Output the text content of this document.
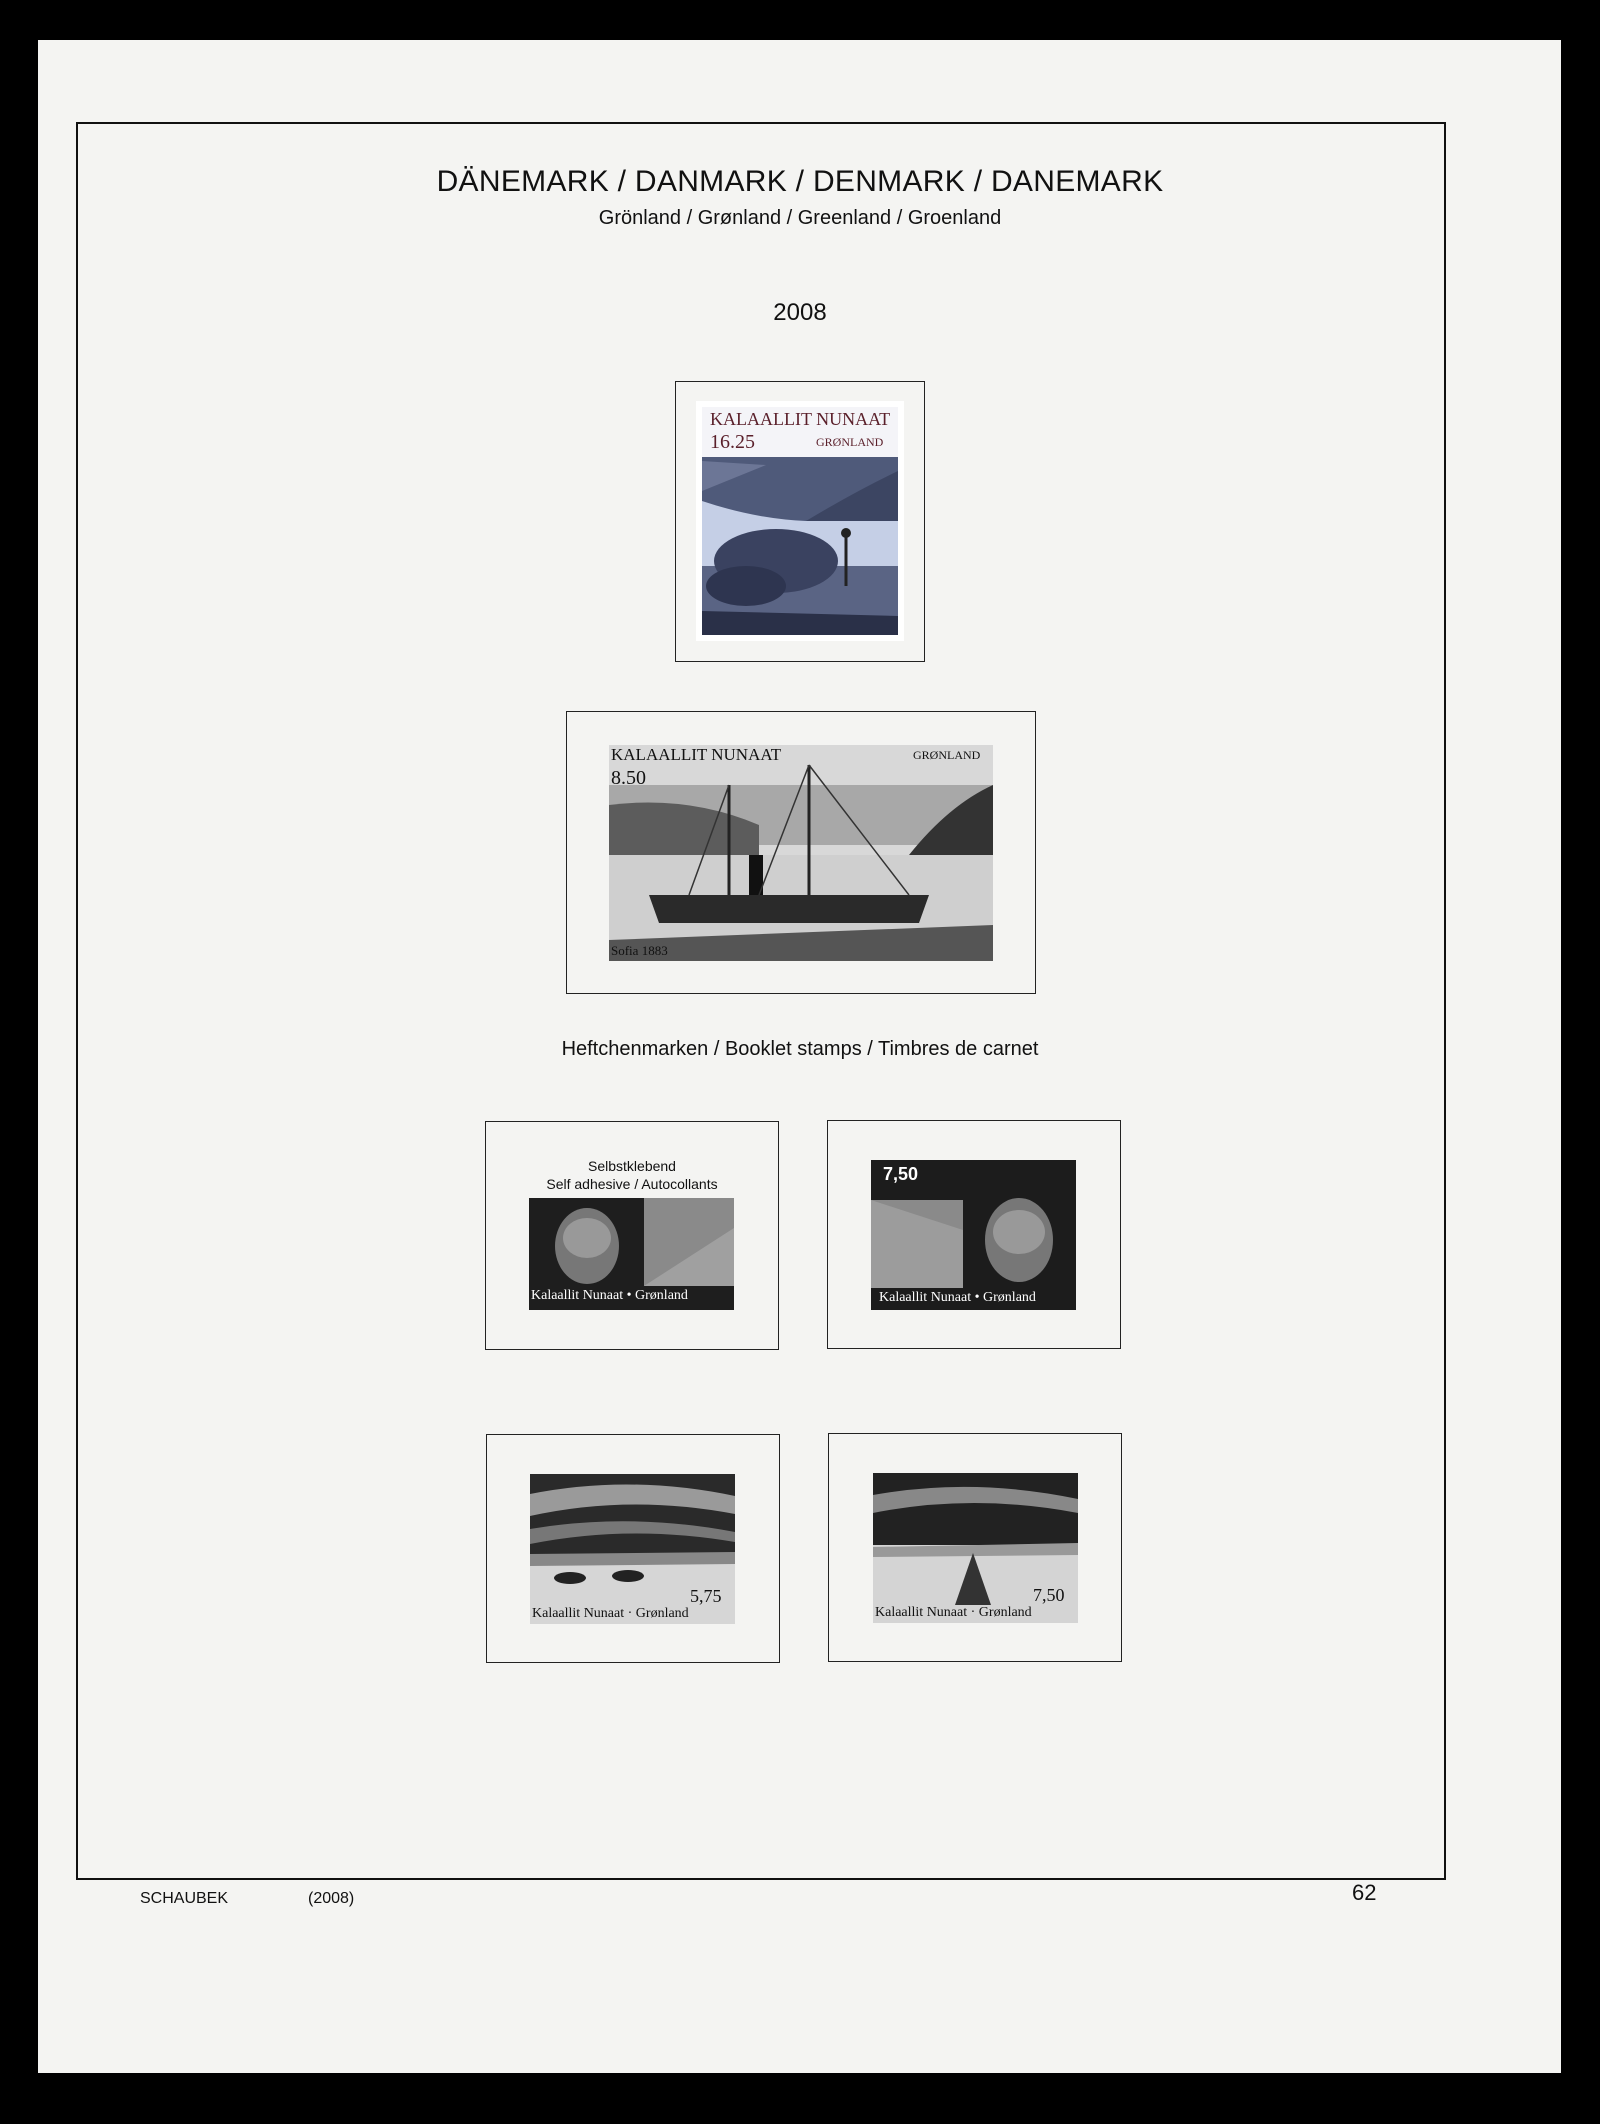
DÄNEMARK / DANMARK / DENMARK / DANEMARK
Grönland / Grønland / Greenland / Groenland
2008
KALAALLIT NUNAAT
16.25	GRØNLAND
KALAALLIT NUNAAT
8.50
GRØNLAND
Sofia 1883
Heftchenmarken / Booklet stamps / Timbres de carnet
Selbstklebend
Self adhesive / Autocollants
Kalaallit Nunaat • Grønland
7,50
Kalaallit Nunaat • Grønland
5,75
Kalaallit Nunaat · Grønland
7,50
Kalaallit Nunaat · Grønland
SCHAUBEK	(2008)	62
